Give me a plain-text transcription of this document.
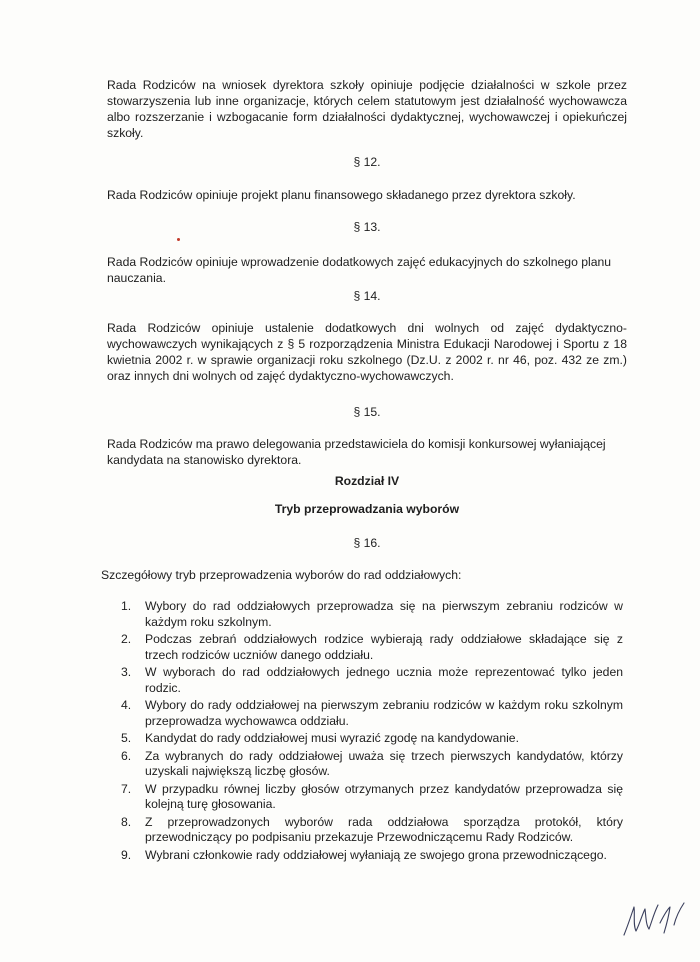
Rada Rodziców na wniosek dyrektora szkoły opiniuje podjęcie działalności w szkole przez stowarzyszenia lub inne organizacje, których celem statutowym jest działalność wychowawcza albo rozszerzanie i wzbogacanie form działalności dydaktycznej, wychowawczej i opiekuńczej szkoły.

§ 12.

Rada Rodziców opiniuje projekt planu finansowego składanego przez dyrektora szkoły.

§ 13.

Rada Rodziców opiniuje wprowadzenie dodatkowych zajęć edukacyjnych do szkolnego planu nauczania.

§ 14.

Rada Rodziców opiniuje ustalenie dodatkowych dni wolnych od zajęć dydaktyczno-wychowawczych wynikających z § 5 rozporządzenia Ministra Edukacji Narodowej i Sportu z 18 kwietnia 2002 r. w sprawie organizacji roku szkolnego (Dz.U. z 2002 r. nr 46, poz. 432 ze zm.) oraz innych dni wolnych od zajęć dydaktyczno-wychowawczych.

§ 15.

Rada Rodziców ma prawo delegowania przedstawiciela do komisji konkursowej wyłaniającej kandydata na stanowisko dyrektora.

Rozdział IV

Tryb przeprowadzania wyborów

§ 16.

Szczegółowy tryb przeprowadzenia wyborów do rad oddziałowych:

1. Wybory do rad oddziałowych przeprowadza się na pierwszym zebraniu rodziców w każdym roku szkolnym.
2. Podczas zebrań oddziałowych rodzice wybierają rady oddziałowe składające się z trzech rodziców uczniów danego oddziału.
3. W wyborach do rad oddziałowych jednego ucznia może reprezentować tylko jeden rodzic.
4. Wybory do rady oddziałowej na pierwszym zebraniu rodziców w każdym roku szkolnym przeprowadza wychowawca oddziału.
5. Kandydat do rady oddziałowej musi wyrazić zgodę na kandydowanie.
6. Za wybranych do rady oddziałowej uważa się trzech pierwszych kandydatów, którzy uzyskali największą liczbę głosów.
7. W przypadku równej liczby głosów otrzymanych przez kandydatów przeprowadza się kolejną turę głosowania.
8. Z przeprowadzonych wyborów rada oddziałowa sporządza protokół, który przewodniczący po podpisaniu przekazuje Przewodniczącemu Rady Rodziców.
9. Wybrani członkowie rady oddziałowej wyłaniają ze swojego grona przewodniczącego.
